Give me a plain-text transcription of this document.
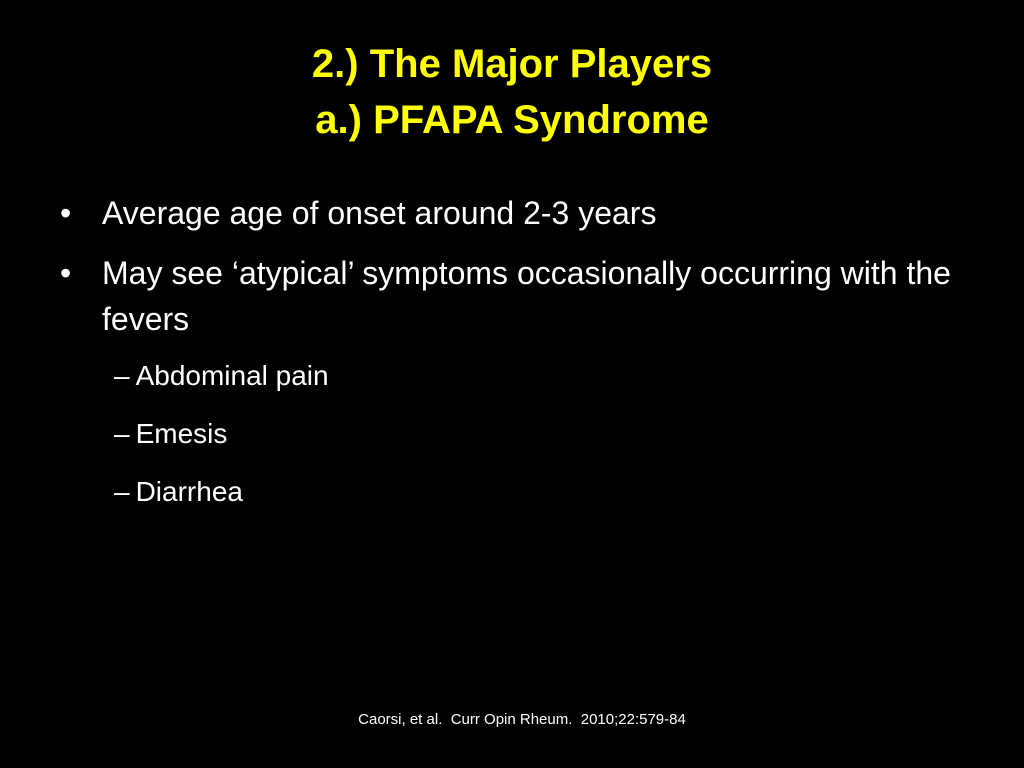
2.) The Major Players
a.) PFAPA Syndrome
• Average age of onset around 2-3 years
• May see ‘atypical’ symptoms occasionally occurring with the fevers
– Abdominal pain
– Emesis
– Diarrhea
Caorsi, et al.  Curr Opin Rheum.  2010;22:579-84
